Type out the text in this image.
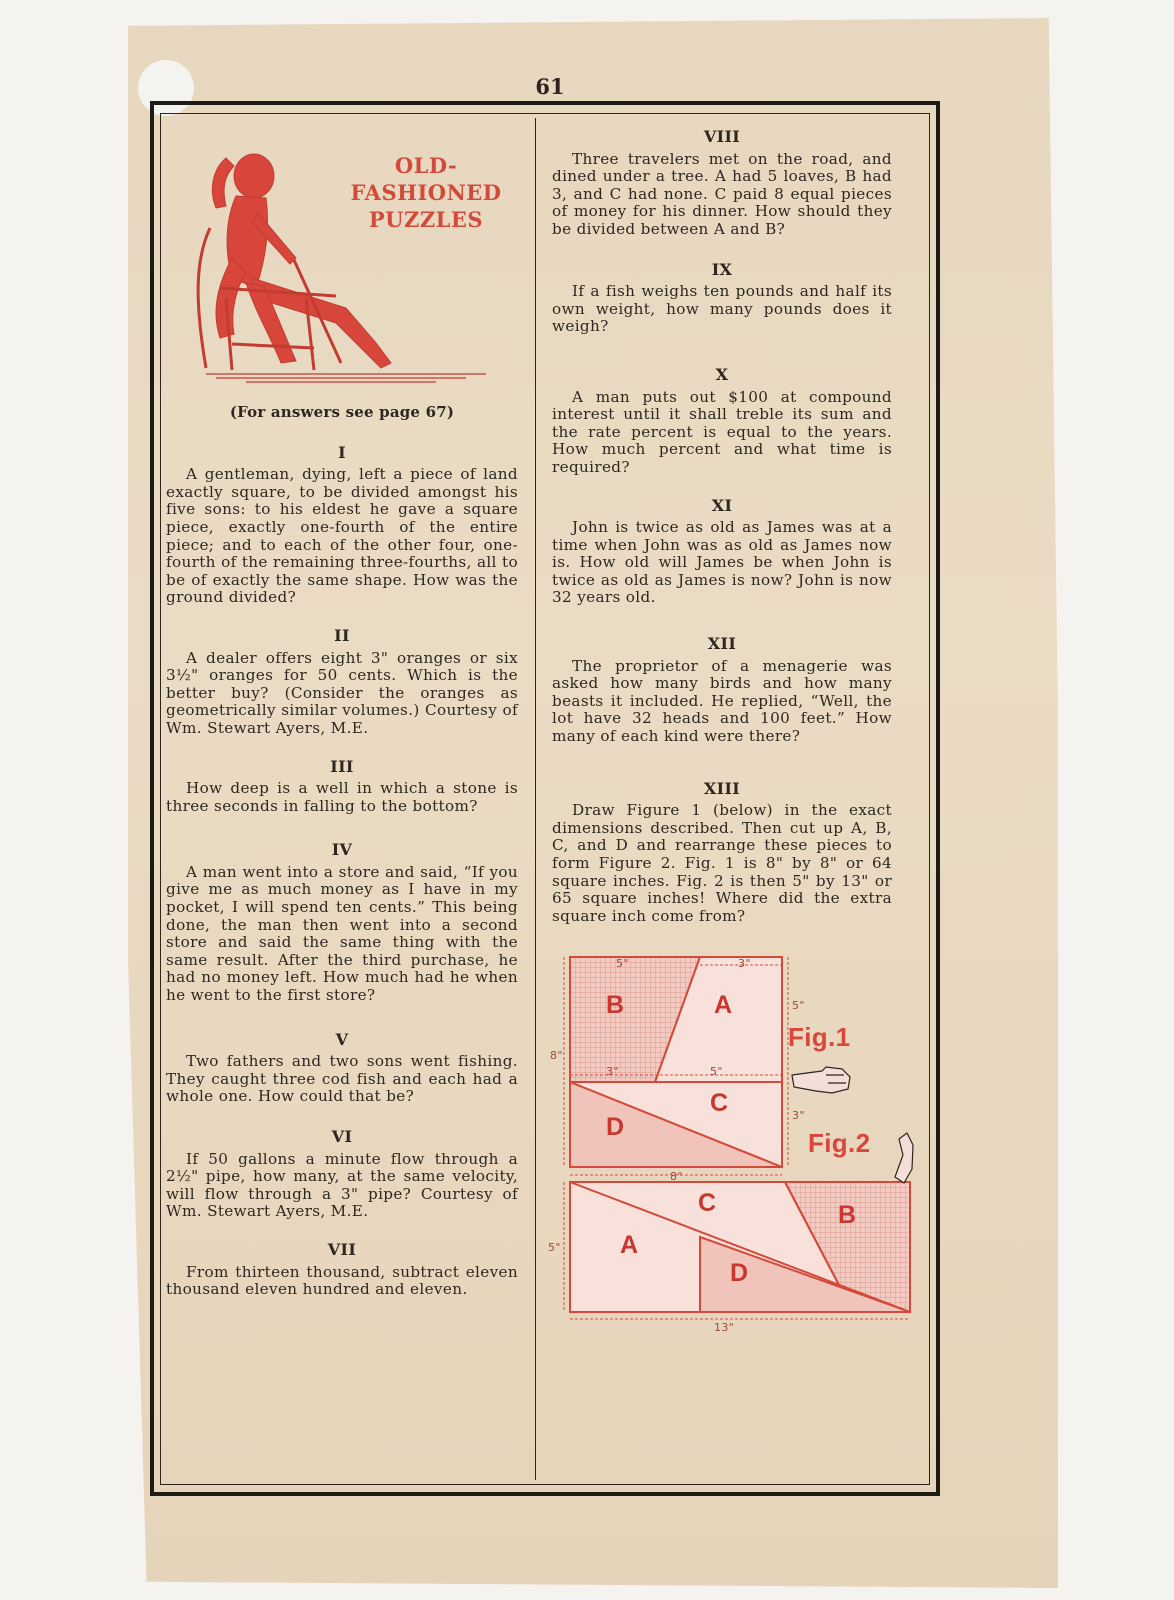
61
OLD-
FASHIONED
PUZZLES
(For answers see page 67)
I

A gentleman, dying, left a piece of land exactly square, to be divided amongst his five sons: to his eldest he gave a square piece, exactly one-fourth of the entire piece; and to each of the other four, one-fourth of the remaining three-fourths, all to be of exactly the same shape. How was the ground divided?

II

A dealer offers eight 3" oranges or six 3½" oranges for 50 cents. Which is the better buy? (Consider the oranges as geometrically similar volumes.) Courtesy of Wm. Stewart Ayers, M.E.

III

How deep is a well in which a stone is three seconds in falling to the bottom?

IV

A man went into a store and said, “If you give me as much money as I have in my pocket, I will spend ten cents.” This being done, the man then went into a second store and said the same thing with the same result. After the third purchase, he had no money left. How much had he when he went to the first store?

V

Two fathers and two sons went fishing. They caught three cod fish and each had a whole one. How could that be?

VI

If 50 gallons a minute flow through a 2½" pipe, how many, at the same velocity, will flow through a 3" pipe? Courtesy of Wm. Stewart Ayers, M.E.

VII

From thirteen thousand, subtract eleven thousand eleven hundred and eleven.

VIII

Three travelers met on the road, and dined under a tree. A had 5 loaves, B had 3, and C had none. C paid 8 equal pieces of money for his dinner. How should they be divided between A and B?

IX

If a fish weighs ten pounds and half its own weight, how many pounds does it weigh?

X

A man puts out $100 at compound interest until it shall treble its sum and the rate percent is equal to the years. How much percent and what time is required?

XI

John is twice as old as James was at a time when John was as old as James now is. How old will James be when John is twice as old as James is now? John is now 32 years old.

XII

The proprietor of a menagerie was asked how many birds and how many beasts it included. He replied, “Well, the lot have 32 heads and 100 feet.” How many of each kind were there?

XIII

Draw Figure 1 (below) in the exact dimensions described. Then cut up A, B, C, and D and rearrange these pieces to form Figure 2. Fig. 1 is 8" by 8" or 64 square inches. Fig. 2 is then 5" by 13" or 65 square inches! Where did the extra square inch come from?

Fig.1
Fig.2
B	A
C
D
A
C	B
D
5"	3"
5"
8"
3"	5"
3"
8"
5"
13"
